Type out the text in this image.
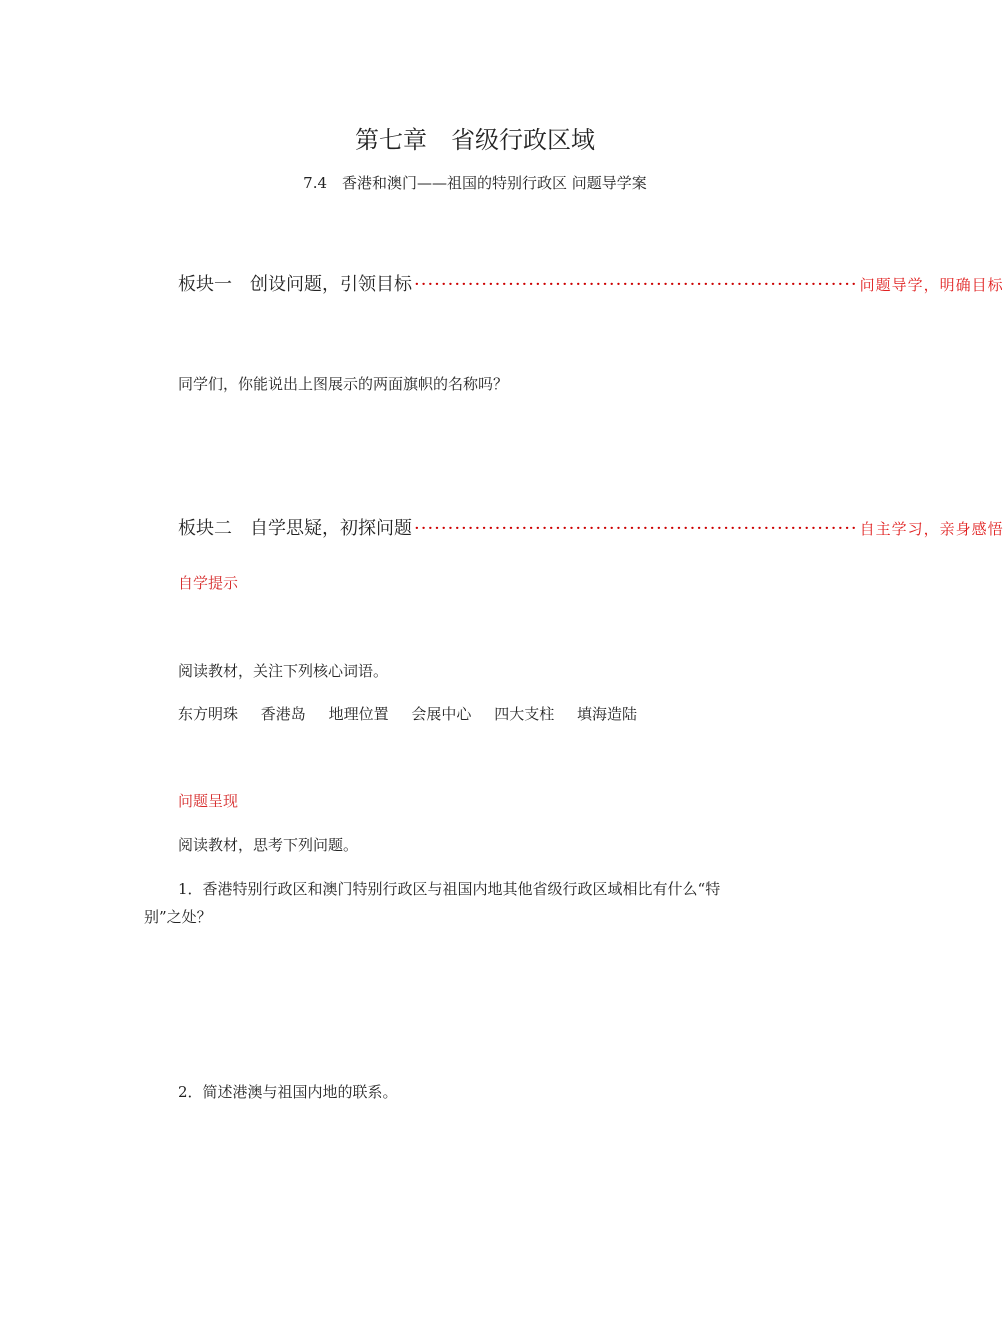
第七章　省级行政区域
7.4　香港和澳门——祖国的特别行政区 问题导学案
板块一　创设问题，引领目标 ·································································· 问题导学，明确目标
同学们，你能说出上图展示的两面旗帜的名称吗？
板块二　自学思疑，初探问题 ·································································· 自主学习，亲身感悟
自学提示
阅读教材，关注下列核心词语。
东方明珠 香港岛 地理位置 会展中心 四大支柱 填海造陆
问题呈现
阅读教材，思考下列问题。
1．香港特别行政区和澳门特别行政区与祖国内地其他省级行政区域相比有什么“特
别”之处？
2．简述港澳与祖国内地的联系。
